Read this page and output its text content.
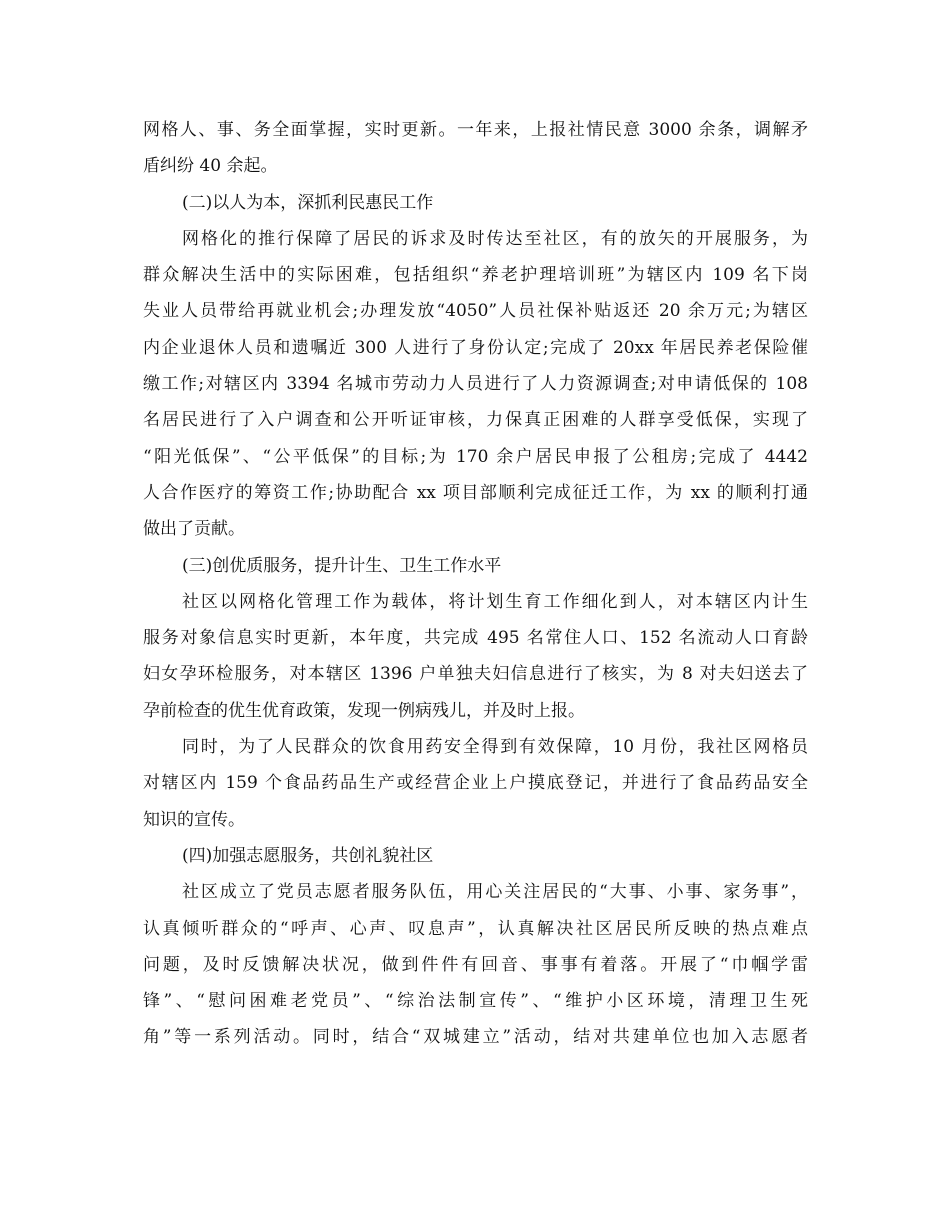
网格人、事、务全面掌握，实时更新。一年来，上报社情民意 3000 余条，调解矛
盾纠纷 40 余起。
(二)以人为本，深抓利民惠民工作
网格化的推行保障了居民的诉求及时传达至社区，有的放矢的开展服务，为
群众解决生活中的实际困难，包括组织“养老护理培训班”为辖区内 109 名下岗
失业人员带给再就业机会;办理发放“4050”人员社保补贴返还 20 余万元;为辖区
内企业退休人员和遗嘱近 300 人进行了身份认定;完成了 20xx 年居民养老保险催
缴工作;对辖区内 3394 名城市劳动力人员进行了人力资源调查;对申请低保的 108
名居民进行了入户调查和公开听证审核，力保真正困难的人群享受低保，实现了
“阳光低保”、“公平低保”的目标;为 170 余户居民申报了公租房;完成了 4442
人合作医疗的筹资工作;协助配合 xx 项目部顺利完成征迁工作，为 xx 的顺利打通
做出了贡献。
(三)创优质服务，提升计生、卫生工作水平
社区以网格化管理工作为载体，将计划生育工作细化到人，对本辖区内计生
服务对象信息实时更新，本年度，共完成 495 名常住人口、152 名流动人口育龄
妇女孕环检服务，对本辖区 1396 户单独夫妇信息进行了核实，为 8 对夫妇送去了
孕前检查的优生优育政策，发现一例病残儿，并及时上报。
同时，为了人民群众的饮食用药安全得到有效保障，10 月份，我社区网格员
对辖区内 159 个食品药品生产或经营企业上户摸底登记，并进行了食品药品安全
知识的宣传。
(四)加强志愿服务，共创礼貌社区
社区成立了党员志愿者服务队伍，用心关注居民的“大事、小事、家务事”，
认真倾听群众的“呼声、心声、叹息声”，认真解决社区居民所反映的热点难点
问题，及时反馈解决状况，做到件件有回音、事事有着落。开展了“巾帼学雷
锋”、“慰问困难老党员”、“综治法制宣传”、“维护小区环境，清理卫生死
角”等一系列活动。同时，结合“双城建立”活动，结对共建单位也加入志愿者
